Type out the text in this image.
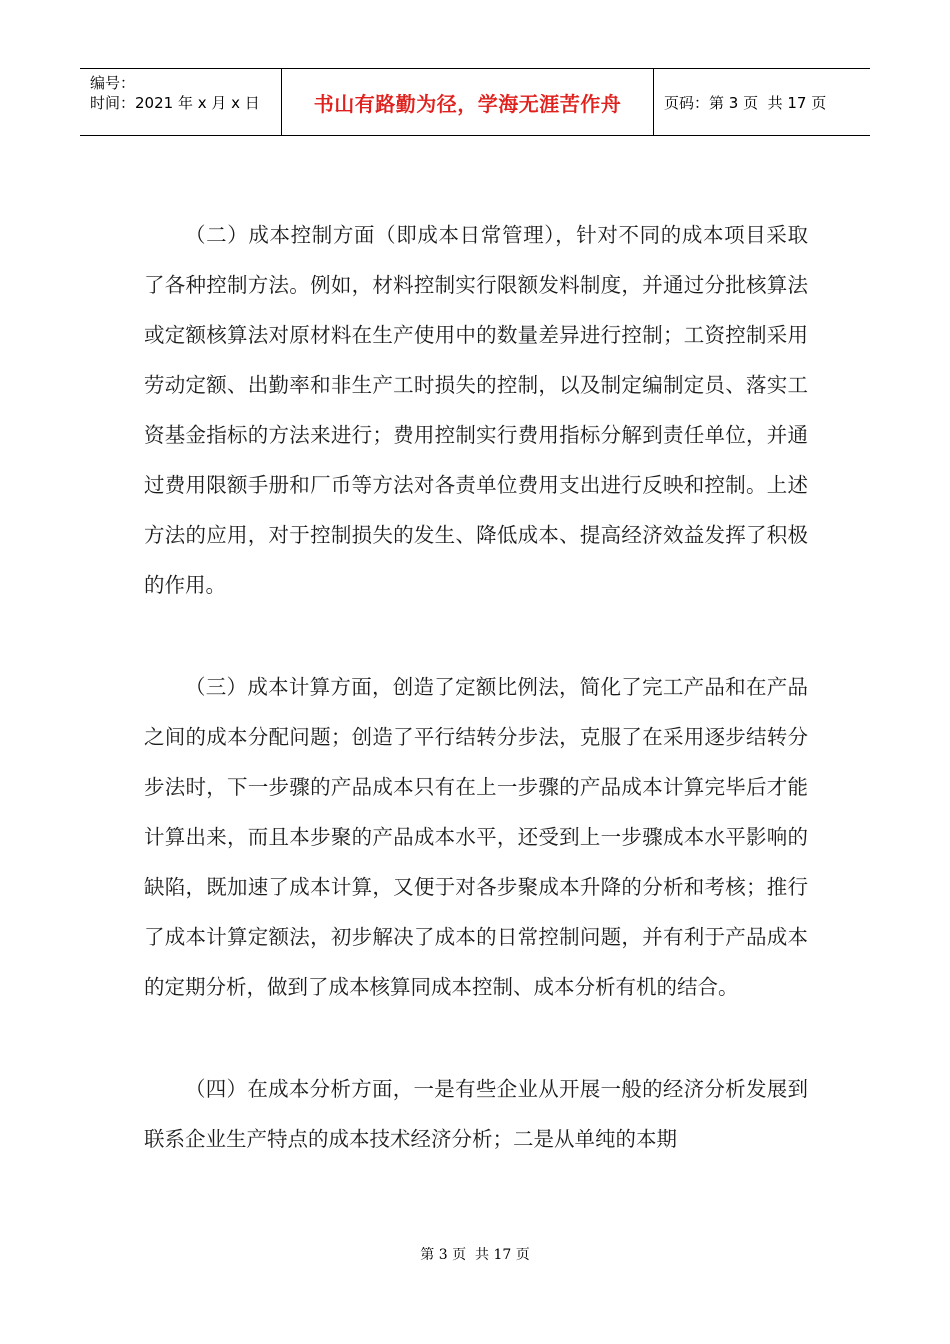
编号：
时间：2021 年 x 月 x 日	书山有路勤为径，学海无涯苦作舟	页码：第 3 页  共 17 页

（二）成本控制方面（即成本日常管理），针对不同的成本项目采取了各种控制方法。例如，材料控制实行限额发料制度，并通过分批核算法或定额核算法对原材料在生产使用中的数量差异进行控制；工资控制采用劳动定额、出勤率和非生产工时损失的控制，以及制定编制定员、落实工资基金指标的方法来进行；费用控制实行费用指标分解到责任单位，并通过费用限额手册和厂币等方法对各责单位费用支出进行反映和控制。上述方法的应用，对于控制损失的发生、降低成本、提高经济效益发挥了积极的作用。

（三）成本计算方面，创造了定额比例法，简化了完工产品和在产品之间的成本分配问题；创造了平行结转分步法，克服了在采用逐步结转分步法时，下一步骤的产品成本只有在上一步骤的产品成本计算完毕后才能计算出来，而且本步聚的产品成本水平，还受到上一步骤成本水平影响的缺陷，既加速了成本计算，又便于对各步聚成本升降的分析和考核；推行了成本计算定额法，初步解决了成本的日常控制问题，并有利于产品成本的定期分析，做到了成本核算同成本控制、成本分析有机的结合。

（四）在成本分析方面，一是有些企业从开展一般的经济分析发展到联系企业生产特点的成本技术经济分析；二是从单纯的本期

第 3 页  共 17 页
